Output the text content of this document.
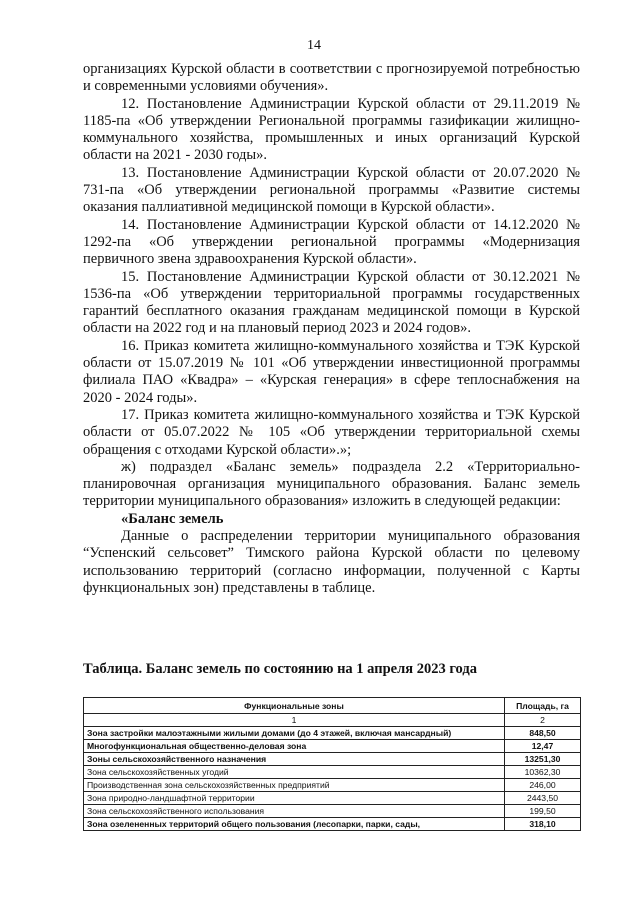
14

организациях Курской области в соответствии с прогнозируемой потребностью и современными условиями обучения».

12. Постановление Администрации Курской области от 29.11.2019 № 1185-па «Об утверждении Региональной программы газификации жилищно-коммунального хозяйства, промышленных и иных организаций Курской области на 2021 - 2030 годы».

13. Постановление Администрации Курской области от 20.07.2020 № 731-па «Об утверждении региональной программы «Развитие системы оказания паллиативной медицинской помощи в Курской области».

14. Постановление Администрации Курской области от 14.12.2020 № 1292-па «Об утверждении региональной программы «Модернизация первичного звена здравоохранения Курской области».

15. Постановление Администрации Курской области от 30.12.2021 № 1536-па «Об утверждении территориальной программы государственных гарантий бесплатного оказания гражданам медицинской помощи в Курской области на 2022 год и на плановый период 2023 и 2024 годов».

16. Приказ комитета жилищно-коммунального хозяйства и ТЭК Курской области от 15.07.2019 № 101 «Об утверждении инвестиционной программы филиала ПАО «Квадра» – «Курская генерация» в сфере теплоснабжения на 2020 - 2024 годы».

17. Приказ комитета жилищно-коммунального хозяйства и ТЭК Курской области от 05.07.2022 № 105 «Об утверждении территориальной схемы обращения с отходами Курской области».»;

ж) подраздел «Баланс земель» подраздела 2.2 «Территориально-планировочная организация муниципального образования. Баланс земель территории муниципального образования» изложить в следующей редакции:

«Баланс земель

Данные о распределении территории муниципального образования “Успенский сельсовет” Тимского района Курской области по целевому использованию территорий (согласно информации, полученной с Карты функциональных зон) представлены в таблице.

Таблица. Баланс земель по состоянию на 1 апреля 2023 года
Функциональные зоны	Площадь, га
1	2
Зона застройки малоэтажными жилыми домами (до 4 этажей, включая мансардный)	848,50
Многофункциональная общественно-деловая зона	12,47
Зоны сельскохозяйственного назначения	13251,30
Зона сельскохозяйственных угодий	10362,30
Производственная зона сельскохозяйственных предприятий	246,00
Зона природно-ландшафтной территории	2443,50
Зона сельскохозяйственного использования	199,50
Зона озелененных территорий общего пользования (лесопарки, парки, сады,	318,10
